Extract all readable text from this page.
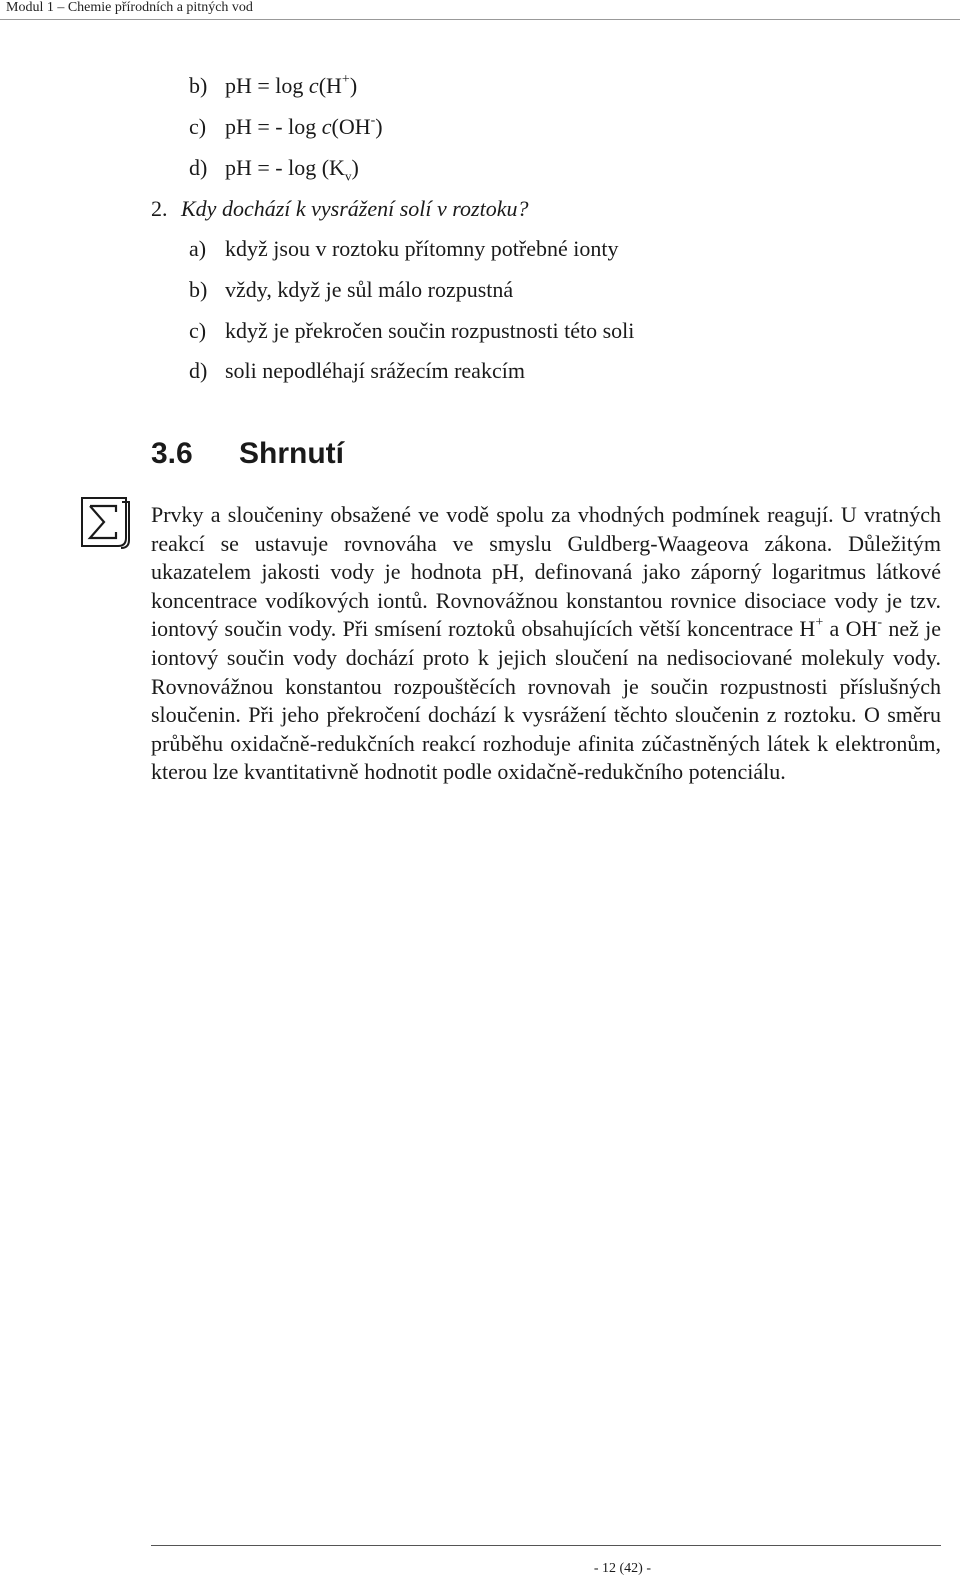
Modul 1 – Chemie přírodních a pitných vod
b) pH = log c(H+)
c) pH = - log c(OH-)
d) pH = - $\log (K_v)$
2. Kdy dochází k vysrážení solí v roztoku?
a) když jsou v roztoku přítomny potřebné ionty
b) vždy, když je sůl málo rozpustná
c) když je překročen součin rozpustnosti této soli
d) soli nepodléhají srážecím reakcím
3.6 Shrnutí

Prvky a sloučeniny obsažené ve vodě spolu za vhodných podmínek reagují. U vratných reakcí se ustavuje rovnováha ve smyslu Guldberg-Waageova zákona. Důležitým ukazatelem jakosti vody je hodnota pH, definovaná jako záporný logaritmus látkové koncentrace vodíkových iontů. Rovnovážnou konstantou rovnice disociace vody je tzv. iontový součin vody. Při smísení roztoků obsahujících větší koncentrace H+ a OH- než je iontový součin vody dochází proto k jejich sloučení na nedisociované molekuly vody. Rovnovážnou konstantou rozpouštěcích rovnovah je součin rozpustnosti příslušných sloučenin. Při jeho překročení dochází k vysrážení těchto sloučenin z roztoku. O směru průběhu oxidačně-redukčních reakcí rozhoduje afinita zúčastněných látek k elektronům, kterou lze kvantitativně hodnotit podle oxidačně-redukčního potenciálu.

- 12 (42) -
